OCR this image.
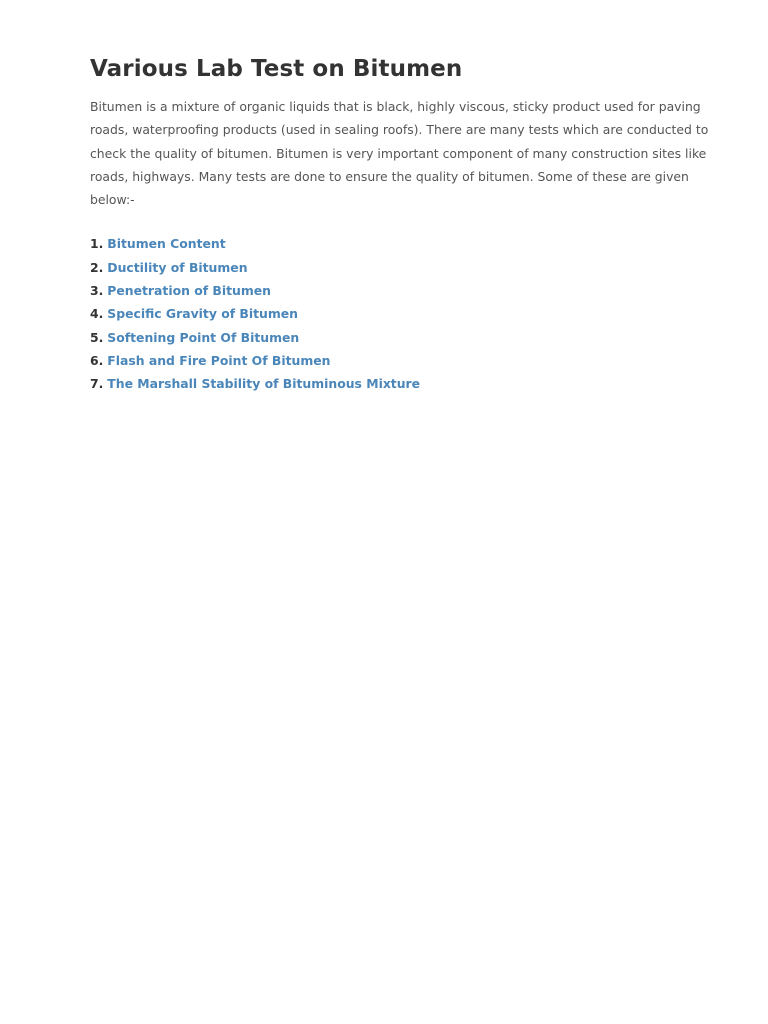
Various Lab Test on Bitumen

Bitumen is a mixture of organic liquids that is black, highly viscous, sticky product used for paving roads, waterproofing products (used in sealing roofs). There are many tests which are conducted to check the quality of bitumen. Bitumen is very important component of many construction sites like roads, highways. Many tests are done to ensure the quality of bitumen. Some of these are given below:-

1. Bitumen Content
2. Ductility of Bitumen
3. Penetration of Bitumen
4. Specific Gravity of Bitumen
5. Softening Point Of Bitumen
6. Flash and Fire Point Of Bitumen
7. The Marshall Stability of Bituminous Mixture
